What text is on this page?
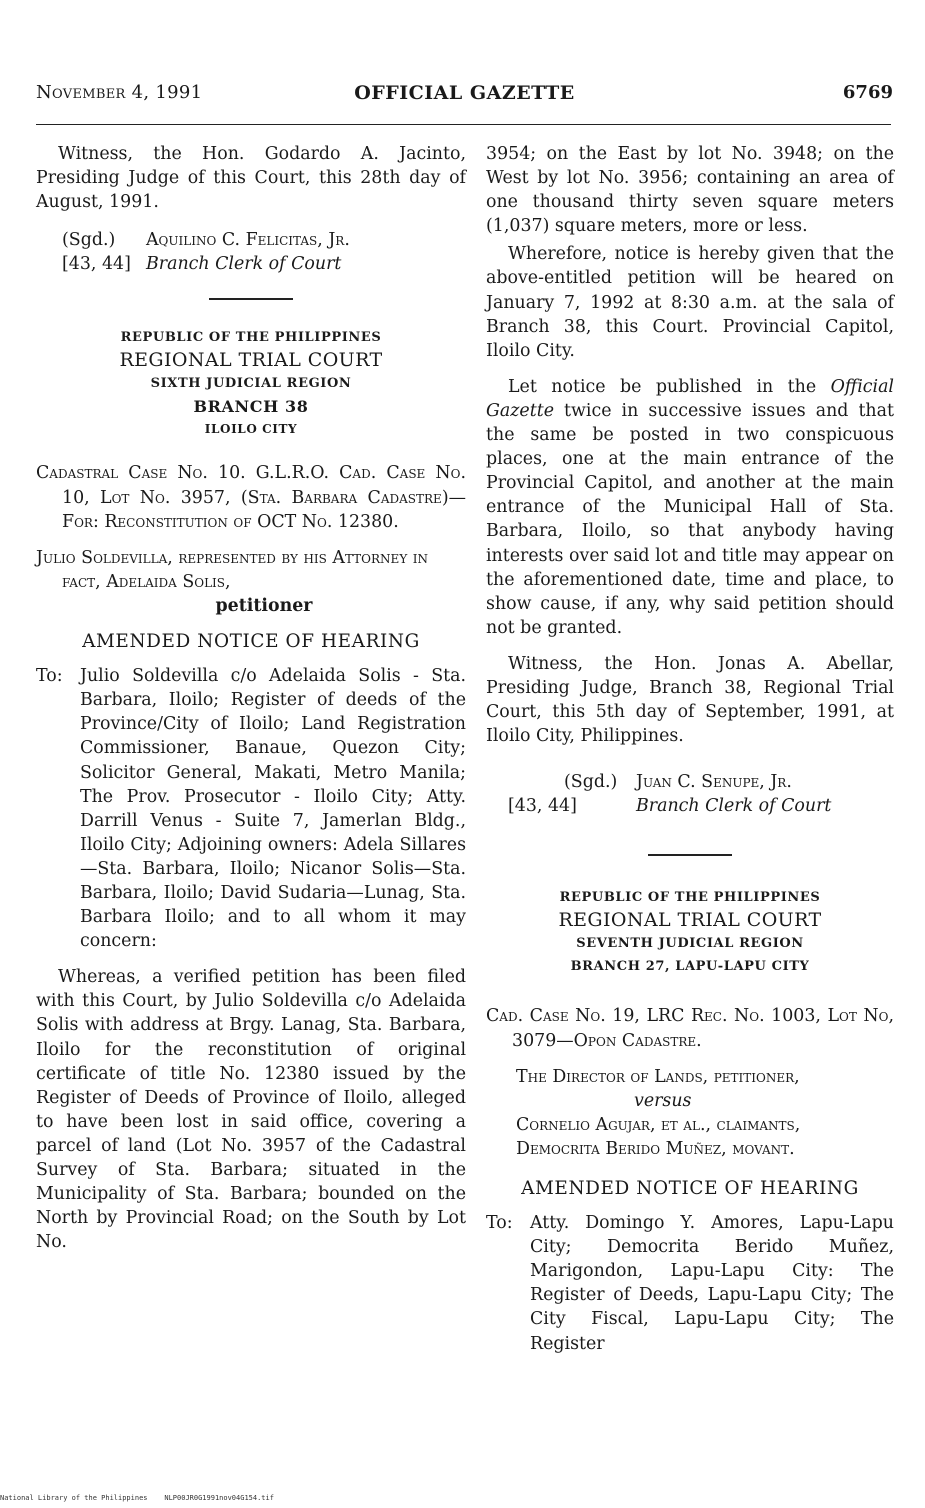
November 4, 1991	OFFICIAL GAZETTE	6769

Witness, the Hon. Godardo A. Jacinto, Presiding Judge of this Court, this 28th day of August, 1991.

(Sgd.)	Aquilino C. Felicitas, Jr.
[43, 44] Branch Clerk of Court
REPUBLIC OF THE PHILIPPINES
REGIONAL TRIAL COURT
SIXTH JUDICIAL REGION
BRANCH 38
ILOILO CITY

Cadastral Case No. 10. G.L.R.O. Cad. Case No. 10, Lot No. 3957, (Sta. Barbara Cadastre)—For: Reconstitution of OCT No. 12380.

Julio Soldevilla, represented by his Attorney in fact, Adelaida Solis,
petitioner

AMENDED NOTICE OF HEARING

To:	Julio Soldevilla c/o Adelaida Solis - Sta. Barbara, Iloilo; Register of deeds of the Province/City of Iloilo; Land Registration Commissioner, Banaue, Quezon City; Solicitor General, Makati, Metro Manila; The Prov. Prosecutor - Iloilo City; Atty. Darrill Venus - Suite 7, Jamerlan Bldg., Iloilo City; Adjoining owners: Adela Sillares—Sta. Barbara, Iloilo; Nicanor Solis—Sta. Barbara, Iloilo; David Sudaria—Lunag, Sta. Barbara Iloilo; and to all whom it may concern:

Whereas, a verified petition has been filed with this Court, by Julio Soldevilla c/o Adelaida Solis with address at Brgy. Lanag, Sta. Barbara, Iloilo for the reconstitution of original certificate of title No. 12380 issued by the Register of Deeds of Province of Iloilo, alleged to have been lost in said office, covering a parcel of land (Lot No. 3957 of the Cadastral Survey of Sta. Barbara; situated in the Municipality of Sta. Barbara; bounded on the North by Provincial Road; on the South by Lot No.

3954; on the East by lot No. 3948; on the West by lot No. 3956; containing an area of one thousand thirty seven square meters (1,037) square meters, more or less.

Wherefore, notice is hereby given that the above-entitled petition will be heared on January 7, 1992 at 8:30 a.m. at the sala of Branch 38, this Court. Provincial Capitol, Iloilo City.

Let notice be published in the Official Gazette twice in successive issues and that the same be posted in two conspicuous places, one at the main entrance of the Provincial Capitol, and another at the main entrance of the Municipal Hall of Sta. Barbara, Iloilo, so that anybody having interests over said lot and title may appear on the aforementioned date, time and place, to show cause, if any, why said petition should not be granted.

Witness, the Hon. Jonas A. Abellar, Presiding Judge, Branch 38, Regional Trial Court, this 5th day of September, 1991, at Iloilo City, Philippines.

(Sgd.)	Juan C. Senupe, Jr.
[43, 44]	Branch Clerk of Court
REPUBLIC OF THE PHILIPPINES
REGIONAL TRIAL COURT
SEVENTH JUDICIAL REGION
BRANCH 27, LAPU-LAPU CITY

Cad. Case No. 19, LRC Rec. No. 1003, Lot No, 3079—Opon Cadastre.

The Director of Lands, petitioner,
versus
Cornelio Agujar, et al., claimants,
Democrita Berido Muñez, movant.

AMENDED NOTICE OF HEARING

To:	Atty. Domingo Y. Amores, Lapu-Lapu City; Democrita Berido Muñez, Marigondon, Lapu-Lapu City: The Register of Deeds, Lapu-Lapu City; The City Fiscal, Lapu-Lapu City; The Register
National Library of the Philippines NLP00JR0G1991nov04G154.tif
